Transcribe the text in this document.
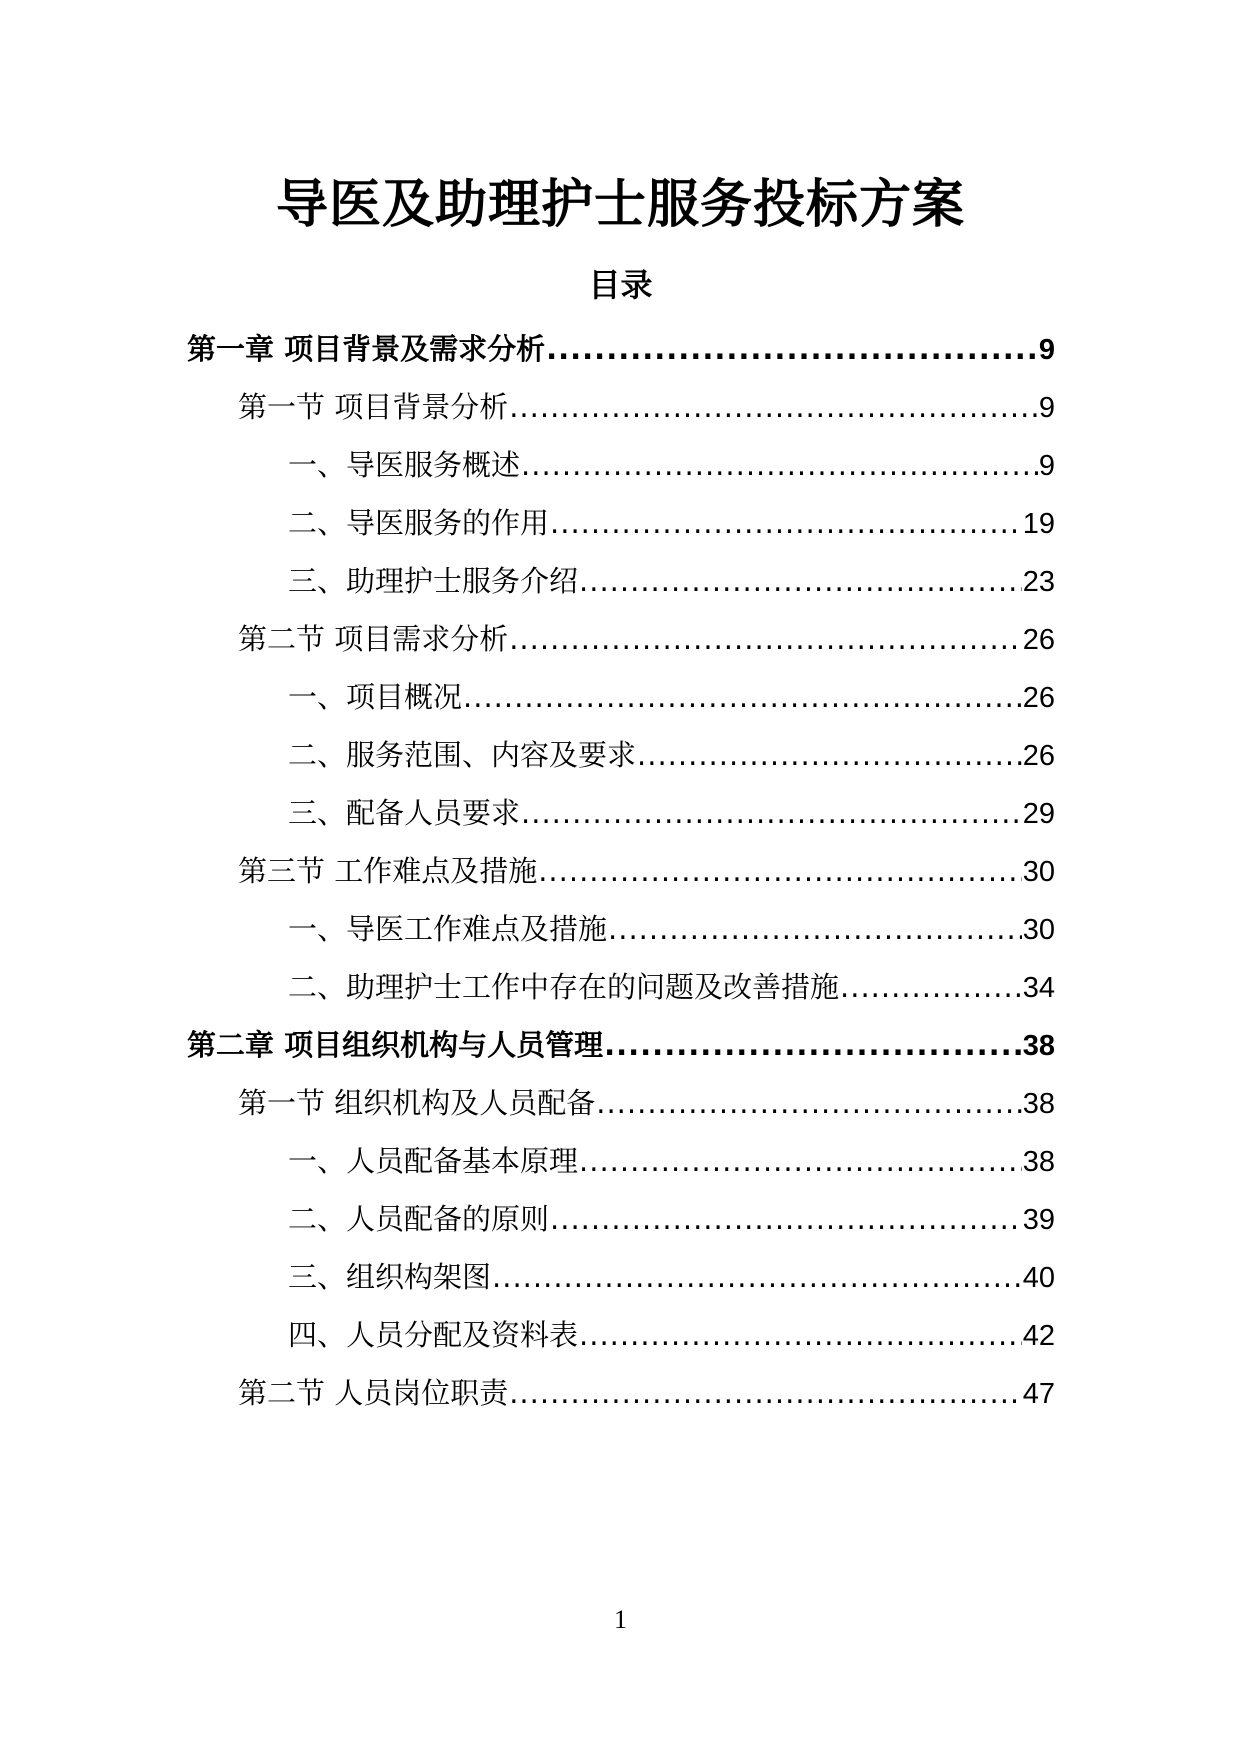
导医及助理护士服务投标方案
目录
第一章 项目背景及需求分析 .....	9
第一节 项目背景分析 .....	9
一、导医服务概述 .....	9
二、导医服务的作用 .....	19
三、助理护士服务介绍 .....	23
第二节 项目需求分析 .....	26
一、项目概况 .....	26
二、服务范围、内容及要求 .....	26
三、配备人员要求 .....	29
第三节 工作难点及措施 .....	30
一、导医工作难点及措施 .....	30
二、助理护士工作中存在的问题及改善措施 .....	34
第二章 项目组织机构与人员管理 .....	38
第一节 组织机构及人员配备 .....	38
一、人员配备基本原理 .....	38
二、人员配备的原则 .....	39
三、组织构架图 .....	40
四、人员分配及资料表 .....	42
第二节 人员岗位职责 .....	47
1
